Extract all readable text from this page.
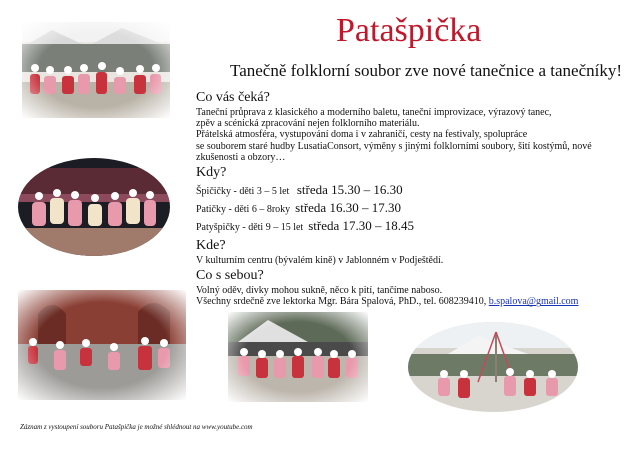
Patašpička
Tanečně folklorní soubor zve nové tanečnice a tanečníky!
Co vás čeká?
Taneční průprava z klasického a moderního baletu, taneční improvizace, výrazový tanec,
zpěv a scénická zpracování nejen folklorního materiálu.
Přátelská atmosféra, vystupování doma i v zahraničí, cesty na festivaly, spolupráce
se souborem staré hudby LusatiaConsort, výměny s jinými folklorními soubory, šití kostýmů, nové
zkušenosti a obzory…
Kdy?
Špičičky - děti 3 – 5 let středa 15.30 – 16.30
Patičky - děti 6 – 8roky středa 16.30 – 17.30
Patyšpičky - děti 9 – 15 let středa 17.30 – 18.45
Kde?
V kulturním centru (bývalém kině) v Jablonném v Podještědí.
Co s sebou?
Volný oděv, dívky mohou sukně, něco k pití, tančíme naboso.
Všechny srdečně zve lektorka Mgr. Bára Spalová, PhD., tel. 608239410, b.spalova@gmail.com
Záznam z vystoupení souboru Patašpička je možné shlédnout na www.youtube.com
